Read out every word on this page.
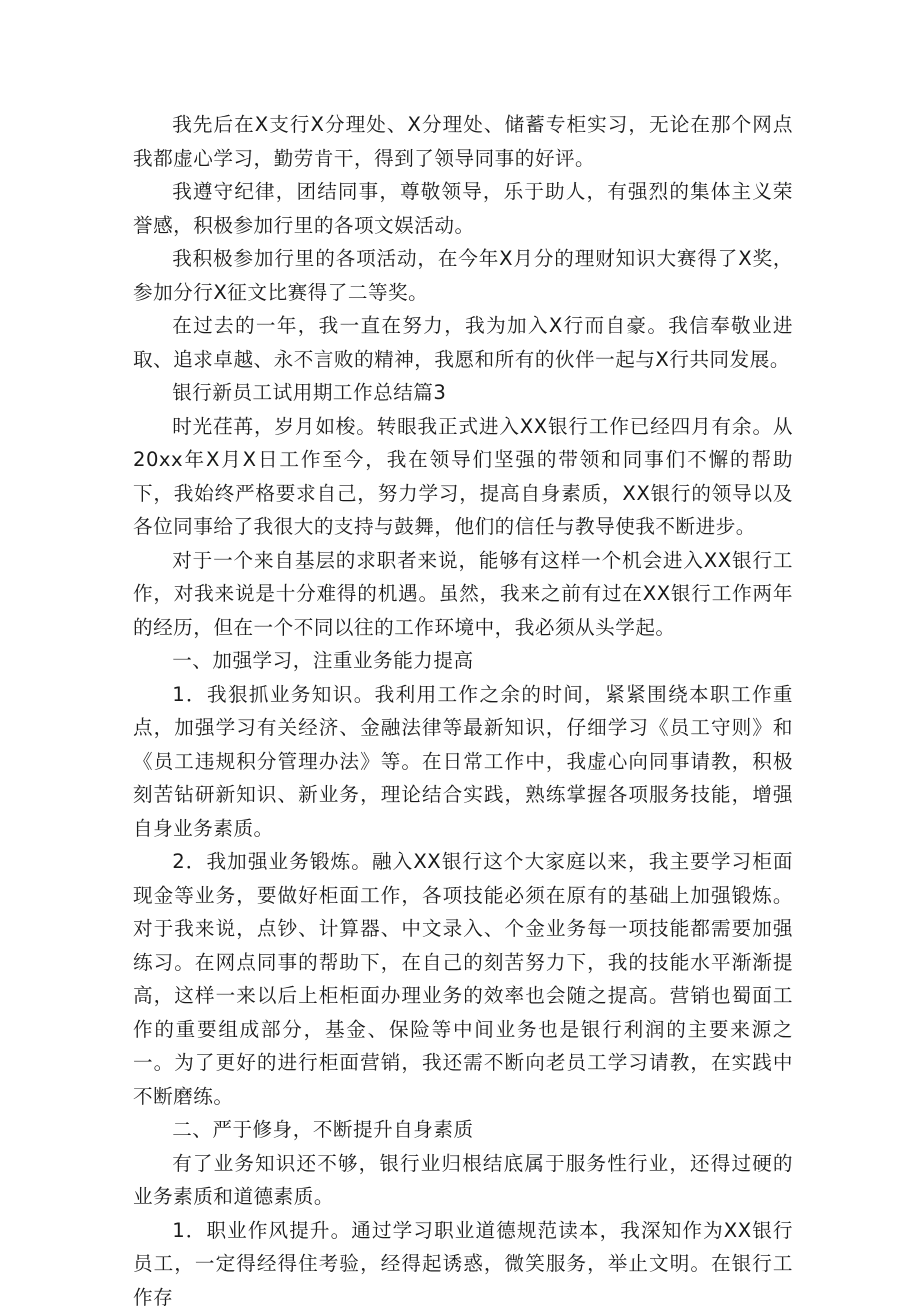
我先后在X支行X分理处、X分理处、储蓄专柜实习，无论在那个网点我都虚心学习，勤劳肯干，得到了领导同事的好评。

我遵守纪律，团结同事，尊敬领导，乐于助人，有强烈的集体主义荣誉感，积极参加行里的各项文娱活动。

我积极参加行里的各项活动，在今年X月分的理财知识大赛得了X奖，参加分行X征文比赛得了二等奖。

在过去的一年，我一直在努力，我为加入X行而自豪。我信奉敬业进取、追求卓越、永不言败的精神，我愿和所有的伙伴一起与X行共同发展。

银行新员工试用期工作总结篇3

时光荏苒，岁月如梭。转眼我正式进入XX银行工作已经四月有余。从20xx年X月X日工作至今，我在领导们坚强的带领和同事们不懈的帮助下，我始终严格要求自己，努力学习，提高自身素质，XX银行的领导以及各位同事给了我很大的支持与鼓舞，他们的信任与教导使我不断进步。

对于一个来自基层的求职者来说，能够有这样一个机会进入XX银行工作，对我来说是十分难得的机遇。虽然，我来之前有过在XX银行工作两年的经历，但在一个不同以往的工作环境中，我必须从头学起。

一、加强学习，注重业务能力提高

1．我狠抓业务知识。我利用工作之余的时间，紧紧围绕本职工作重点，加强学习有关经济、金融法律等最新知识，仔细学习《员工守则》和《员工违规积分管理办法》等。在日常工作中，我虚心向同事请教，积极刻苦钻研新知识、新业务，理论结合实践，熟练掌握各项服务技能，增强自身业务素质。

2．我加强业务锻炼。融入XX银行这个大家庭以来，我主要学习柜面现金等业务，要做好柜面工作，各项技能必须在原有的基础上加强锻炼。对于我来说，点钞、计算器、中文录入、个金业务每一项技能都需要加强练习。在网点同事的帮助下，在自己的刻苦努力下，我的技能水平渐渐提高，这样一来以后上柜柜面办理业务的效率也会随之提高。营销也蜀面工作的重要组成部分，基金、保险等中间业务也是银行利润的主要来源之一。为了更好的进行柜面营销，我还需不断向老员工学习请教，在实践中不断磨练。

二、严于修身，不断提升自身素质

有了业务知识还不够，银行业归根结底属于服务性行业，还得过硬的业务素质和道德素质。

1．职业作风提升。通过学习职业道德规范读本，我深知作为XX银行员工，一定得经得住考验，经得起诱惑，微笑服务，举止文明。在银行工作存
